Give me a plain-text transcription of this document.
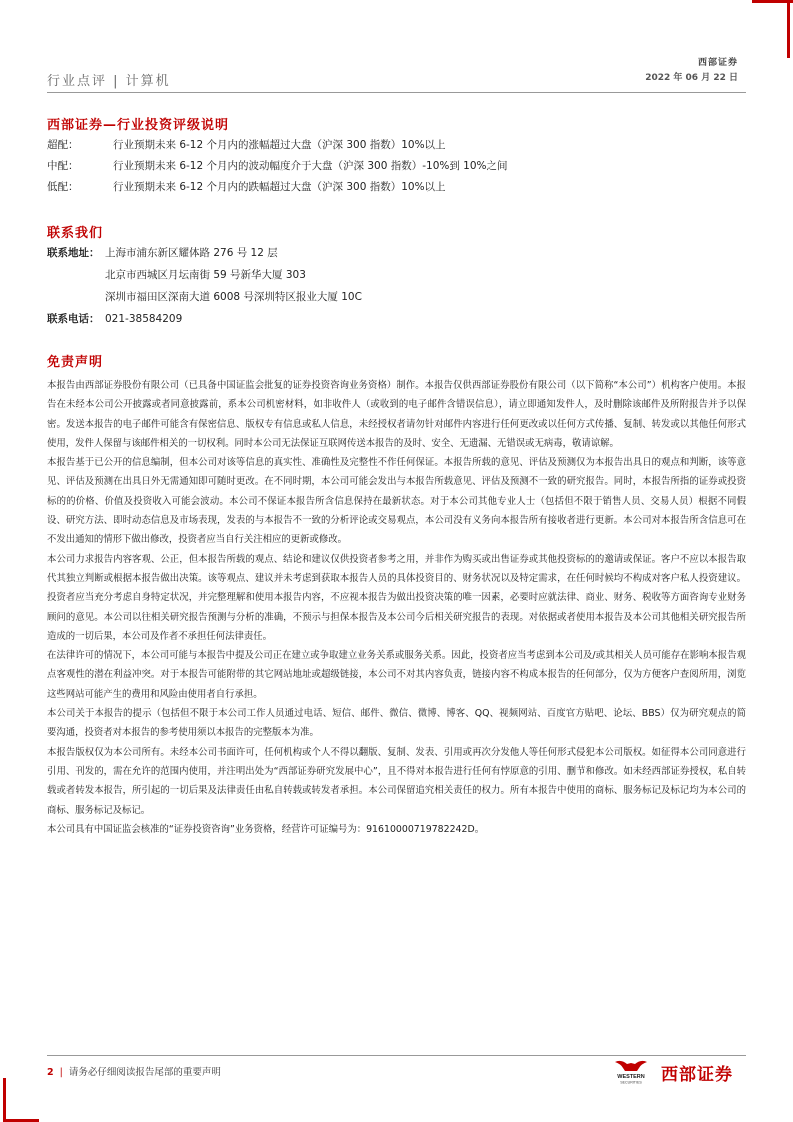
西部证券
2022 年 06 月 22 日
行业点评 | 计算机
西部证券—行业投资评级说明
超配：	行业预期未来 6-12 个月内的涨幅超过大盘（沪深 300 指数）10%以上
中配：	行业预期未来 6-12 个月内的波动幅度介于大盘（沪深 300 指数）-10%到 10%之间
低配：	行业预期未来 6-12 个月内的跌幅超过大盘（沪深 300 指数）10%以上
联系我们
联系地址： 上海市浦东新区耀体路 276 号 12 层
北京市西城区月坛南街 59 号新华大厦 303
深圳市福田区深南大道 6008 号深圳特区报业大厦 10C
联系电话： 021-38584209
免责声明

本报告由西部证券股份有限公司（已具备中国证监会批复的证券投资咨询业务资格）制作。本报告仅供西部证券股份有限公司（以下简称“本公司”）机构客户使用。本报告在未经本公司公开披露或者同意披露前，系本公司机密材料，如非收件人（或收到的电子邮件含错误信息），请立即通知发件人，及时删除该邮件及所附报告并予以保密。发送本报告的电子邮件可能含有保密信息、版权专有信息或私人信息，未经授权者请勿针对邮件内容进行任何更改或以任何方式传播、复制、转发或以其他任何形式使用，发件人保留与该邮件相关的一切权利。同时本公司无法保证互联网传送本报告的及时、安全、无遗漏、无错误或无病毒，敬请谅解。

本报告基于已公开的信息编制，但本公司对该等信息的真实性、准确性及完整性不作任何保证。本报告所载的意见、评估及预测仅为本报告出具日的观点和判断，该等意见、评估及预测在出具日外无需通知即可随时更改。在不同时期，本公司可能会发出与本报告所载意见、评估及预测不一致的研究报告。同时，本报告所指的证券或投资标的的价格、价值及投资收入可能会波动。本公司不保证本报告所含信息保持在最新状态。对于本公司其他专业人士（包括但不限于销售人员、交易人员）根据不同假设、研究方法、即时动态信息及市场表现，发表的与本报告不一致的分析评论或交易观点，本公司没有义务向本报告所有接收者进行更新。本公司对本报告所含信息可在不发出通知的情形下做出修改，投资者应当自行关注相应的更新或修改。

本公司力求报告内容客观、公正，但本报告所载的观点、结论和建议仅供投资者参考之用，并非作为购买或出售证券或其他投资标的的邀请或保证。客户不应以本报告取代其独立判断或根据本报告做出决策。该等观点、建议并未考虑到获取本报告人员的具体投资目的、财务状况以及特定需求，在任何时候均不构成对客户私人投资建议。投资者应当充分考虑自身特定状况，并完整理解和使用本报告内容，不应视本报告为做出投资决策的唯一因素，必要时应就法律、商业、财务、税收等方面咨询专业财务顾问的意见。本公司以往相关研究报告预测与分析的准确，不预示与担保本报告及本公司今后相关研究报告的表现。对依据或者使用本报告及本公司其他相关研究报告所造成的一切后果，本公司及作者不承担任何法律责任。

在法律许可的情况下，本公司可能与本报告中提及公司正在建立或争取建立业务关系或服务关系。因此，投资者应当考虑到本公司及/或其相关人员可能存在影响本报告观点客观性的潜在利益冲突。对于本报告可能附带的其它网站地址或超级链接，本公司不对其内容负责，链接内容不构成本报告的任何部分，仅为方便客户查阅所用，浏览这些网站可能产生的费用和风险由使用者自行承担。

本公司关于本报告的提示（包括但不限于本公司工作人员通过电话、短信、邮件、微信、微博、博客、QQ、视频网站、百度官方贴吧、论坛、BBS）仅为研究观点的简要沟通，投资者对本报告的参考使用须以本报告的完整版本为准。

本报告版权仅为本公司所有。未经本公司书面许可，任何机构或个人不得以翻版、复制、发表、引用或再次分发他人等任何形式侵犯本公司版权。如征得本公司同意进行引用、刊发的，需在允许的范围内使用，并注明出处为“西部证券研究发展中心”，且不得对本报告进行任何有悖原意的引用、删节和修改。如未经西部证券授权，私自转载或者转发本报告，所引起的一切后果及法律责任由私自转载或转发者承担。本公司保留追究相关责任的权力。所有本报告中使用的商标、服务标记及标记均为本公司的商标、服务标记及标记。

本公司具有中国证监会核准的“证券投资咨询”业务资格，经营许可证编号为：91610000719782242D。

2 | 请务必仔细阅读报告尾部的重要声明	WESTERN
SECURITIES 西部证券
